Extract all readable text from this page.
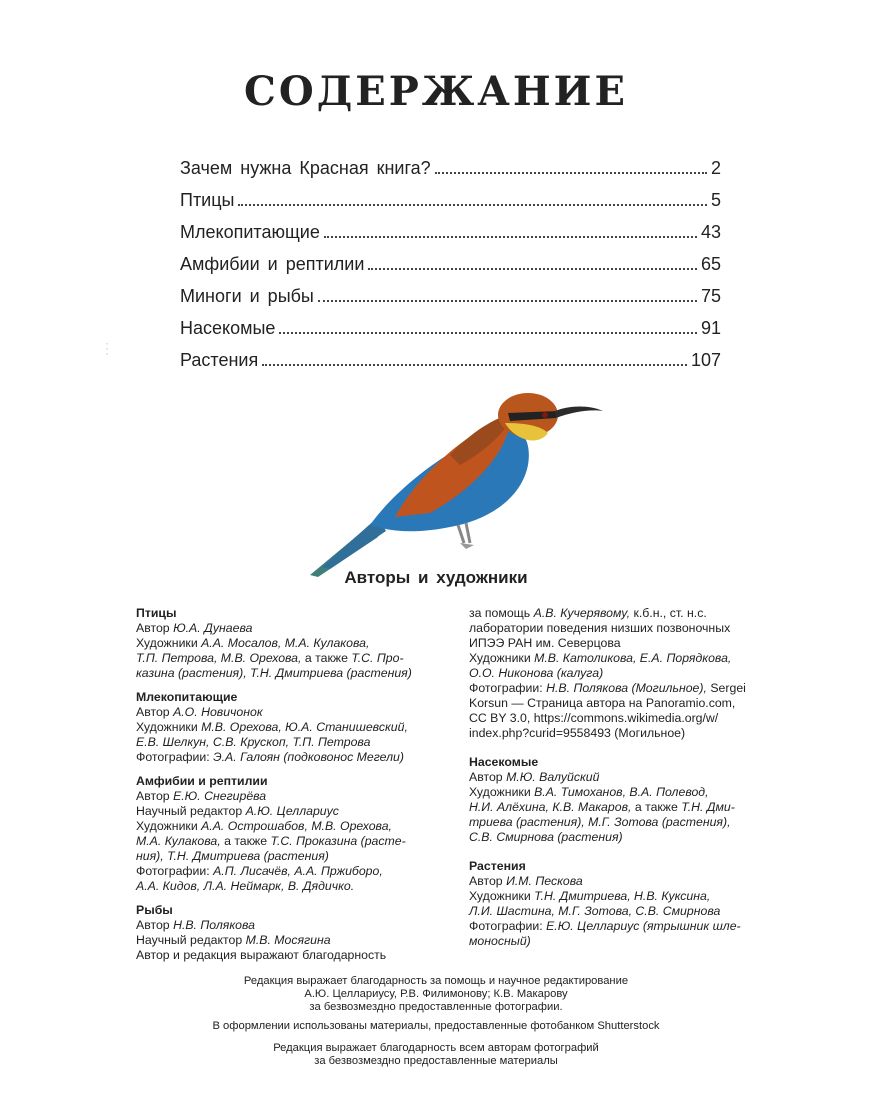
⋮
СОДЕРЖАНИЕ
Зачем нужна Красная книга?	2
Птицы	5
Млекопитающие	43
Амфибии и рептилии	65
Миноги и рыбы	75
Насекомые	91
Растения	107
Авторы и художники
Птицы
Автор Ю.А. Дунаева
Художники А.А. Мосалов, М.А. Кулакова,
Т.П. Петрова, М.В. Орехова, а также Т.С. Про-
казина (растения), Т.Н. Дмитриева (растения)
Млекопитающие
Автор А.О. Новичонок
Художники М.В. Орехова, Ю.А. Станишевский,
Е.В. Шелкун, С.В. Крускоп, Т.П. Петрова
Фотографии: Э.А. Галоян (подковонос Мегели)
Амфибии и рептилии
Автор Е.Ю. Снегирёва
Научный редактор А.Ю. Целлариус
Художники А.А. Острошабов, М.В. Орехова,
М.А. Кулакова, а также Т.С. Проказина (расте-
ния), Т.Н. Дмитриева (растения)
Фотографии: А.П. Лисачёв, А.А. Пржиборо,
А.А. Кидов, Л.А. Неймарк, В. Дядичко.
Рыбы
Автор Н.В. Полякова
Научный редактор М.В. Мосягина
Автор и редакция выражают благодарность
за помощь А.В. Кучерявому, к.б.н., ст. н.с.
лаборатории поведения низших позвоночных
ИПЭЭ РАН им. Северцова
Художники М.В. Католикова, Е.А. Порядкова,
О.О. Никонова (калуга)
Фотографии: Н.В. Полякова (Могильное), Sergei
Korsun — Страница автора на Panoramio.com,
CC BY 3.0, https://commons.wikimedia.org/w/
index.php?curid=9558493 (Могильное)
Насекомые
Автор М.Ю. Валуйский
Художники В.А. Тимоханов, В.А. Полевод,
Н.И. Алёхина, К.В. Макаров, а также Т.Н. Дми-
триева (растения), М.Г. Зотова (растения),
С.В. Смирнова (растения)
Растения
Автор И.М. Пескова
Художники Т.Н. Дмитриева, Н.В. Куксина,
Л.И. Шастина, М.Г. Зотова, С.В. Смирнова
Фотографии: Е.Ю. Целлариус (ятрышник шле-
моносный)
Редакция выражает благодарность за помощь и научное редактирование
А.Ю. Целлариусу, Р.В. Филимонову; К.В. Макарову
за безвозмездно предоставленные фотографии.
В оформлении использованы материалы, предоставленные фотобанком Shutterstock
Редакция выражает благодарность всем авторам фотографий
за безвозмездно предоставленные материалы
